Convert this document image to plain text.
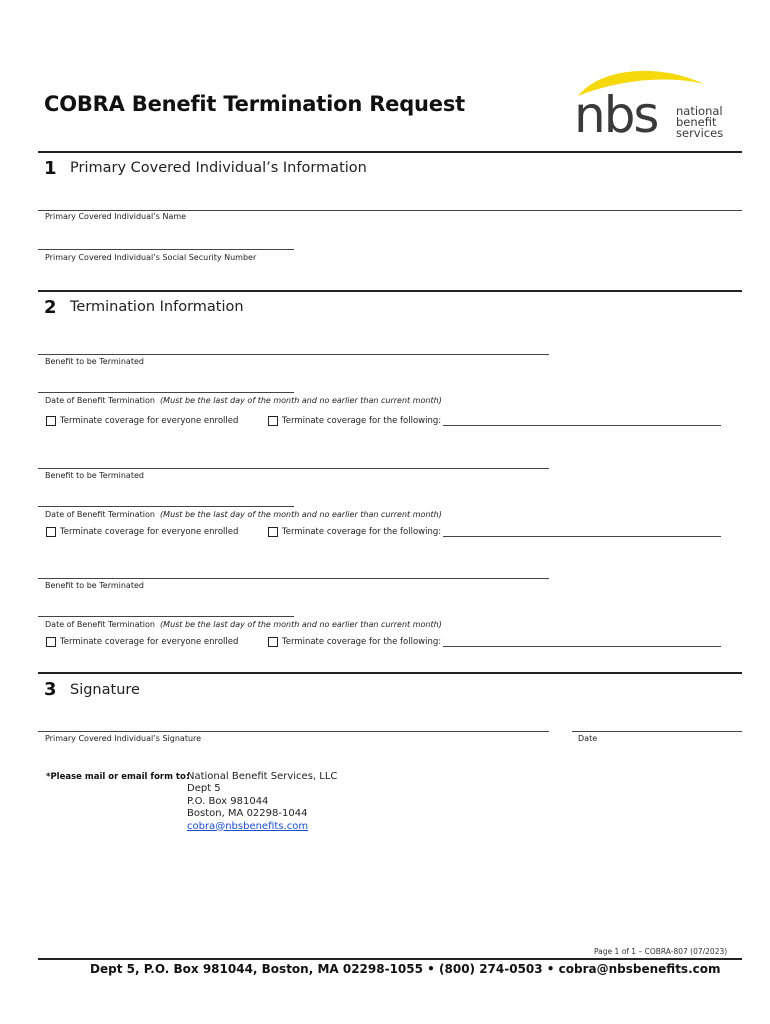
COBRA Benefit Termination Request nbs national
benefit
services
1 Primary Covered Individual’s Information
Primary Covered Individual’s Name
Primary Covered Individual’s Social Security Number
2 Termination Information
Benefit to be Terminated
Date of Benefit Termination (Must be the last day of the month and no earlier than current month)
Terminate coverage for everyone enrolled	Terminate coverage for the following:
Benefit to be Terminated
Date of Benefit Termination (Must be the last day of the month and no earlier than current month)
Terminate coverage for everyone enrolled	Terminate coverage for the following:
Benefit to be Terminated
Date of Benefit Termination (Must be the last day of the month and no earlier than current month)
Terminate coverage for everyone enrolled	Terminate coverage for the following:
3 Signature
Primary Covered Individual’s Signature	Date
*Please mail or email form to:
National Benefit Services, LLC
Dept 5
P.O. Box 981044
Boston, MA 02298-1044
cobra@nbsbenefits.com
Page 1 of 1 – COBRA-807 (07/2023)
Dept 5, P.O. Box 981044, Boston, MA 02298-1055 • (800) 274-0503 • cobra@nbsbenefits.com
